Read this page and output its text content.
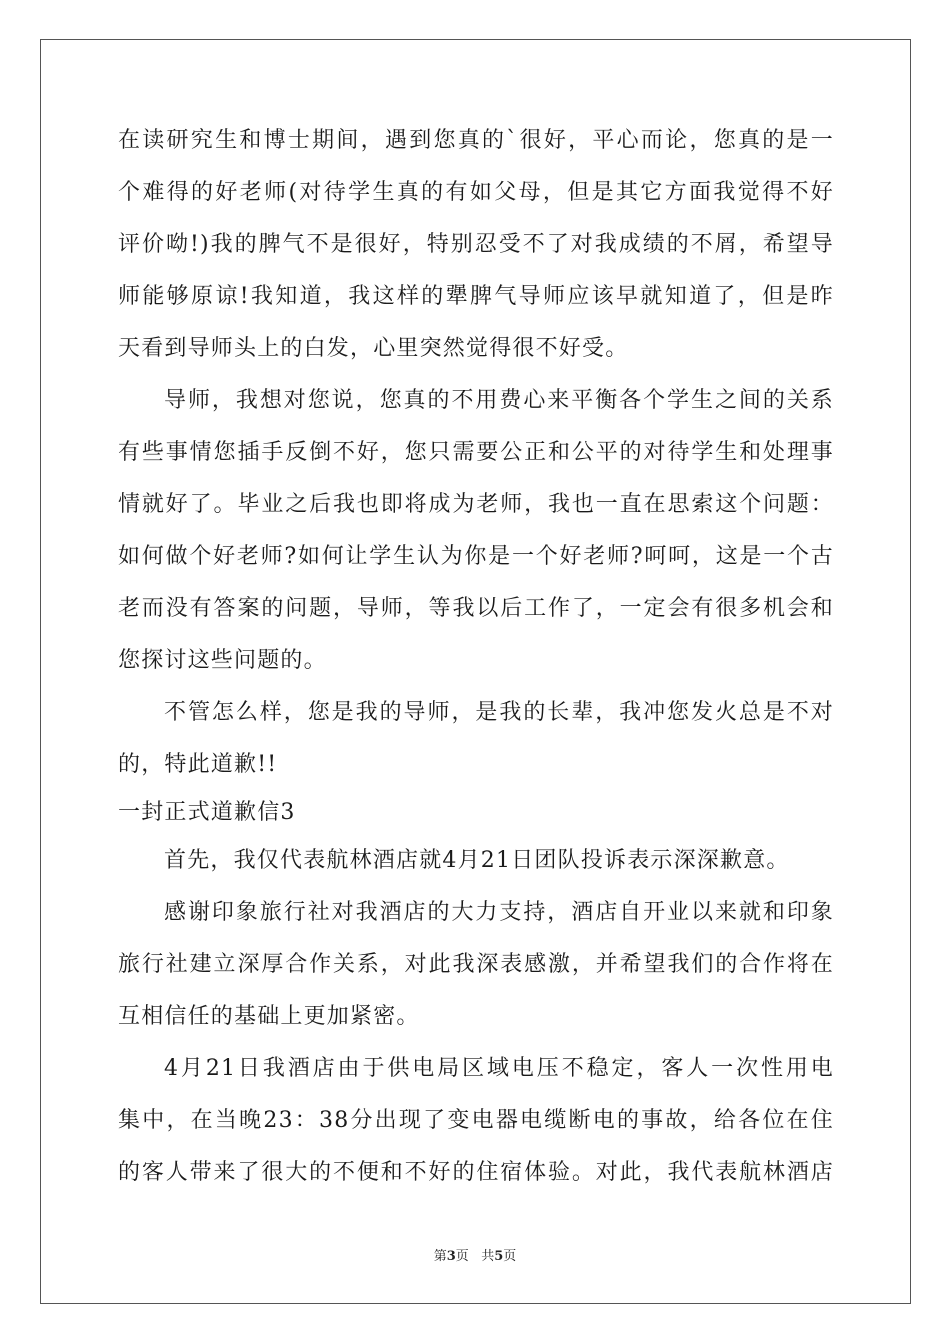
在读研究生和博士期间，遇到您真的`很好，平心而论，您真的是一
个难得的好老师(对待学生真的有如父母，但是其它方面我觉得不好
评价呦!)我的脾气不是很好，特别忍受不了对我成绩的不屑，希望导
师能够原谅!我知道，我这样的犟脾气导师应该早就知道了，但是昨
天看到导师头上的白发，心里突然觉得很不好受。
导师，我想对您说，您真的不用费心来平衡各个学生之间的关系
有些事情您插手反倒不好，您只需要公正和公平的对待学生和处理事
情就好了。毕业之后我也即将成为老师，我也一直在思索这个问题：
如何做个好老师?如何让学生认为你是一个好老师?呵呵，这是一个古
老而没有答案的问题，导师，等我以后工作了，一定会有很多机会和
您探讨这些问题的。
不管怎么样，您是我的导师，是我的长辈，我冲您发火总是不对
的，特此道歉!!
一封正式道歉信3
首先，我仅代表航林酒店就4月21日团队投诉表示深深歉意。
感谢印象旅行社对我酒店的大力支持，酒店自开业以来就和印象
旅行社建立深厚合作关系，对此我深表感激，并希望我们的合作将在
互相信任的基础上更加紧密。
4月21日我酒店由于供电局区域电压不稳定，客人一次性用电
集中，在当晚23：38分出现了变电器电缆断电的事故，给各位在住
的客人带来了很大的不便和不好的住宿体验。对此，我代表航林酒店
第3页 共5页
